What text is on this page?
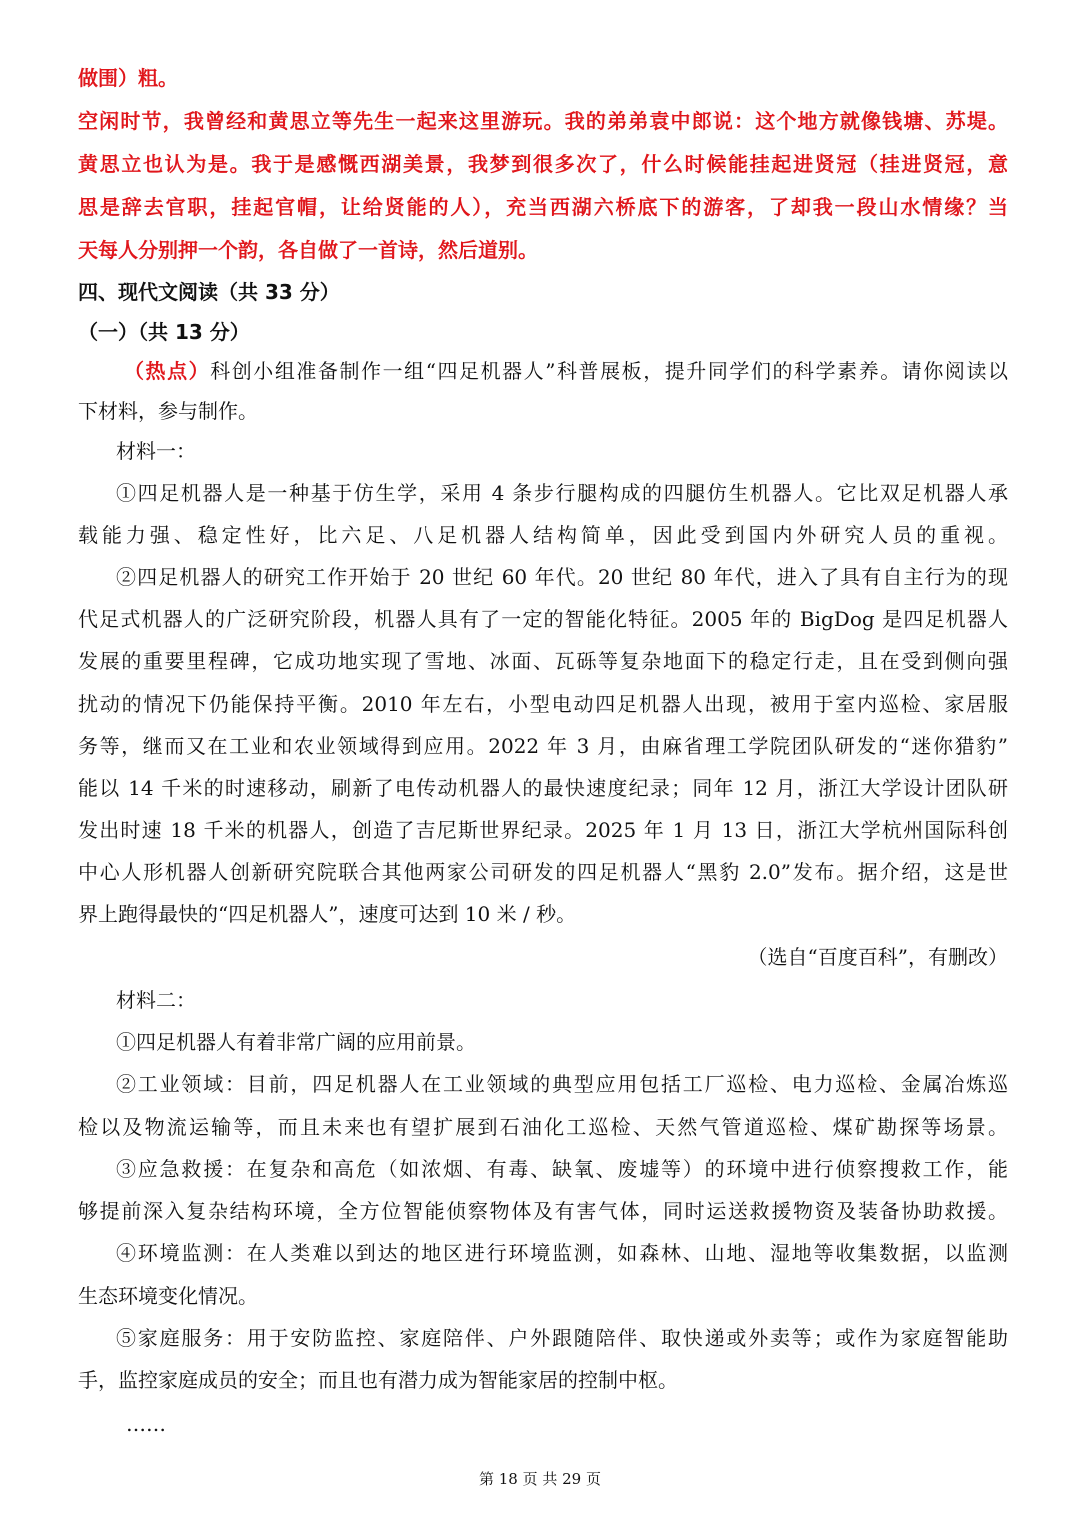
做围）粗。
空闲时节，我曾经和黄思立等先生一起来这里游玩。我的弟弟袁中郎说：这个地方就像钱塘、苏堤。
黄思立也认为是。我于是感慨西湖美景，我梦到很多次了，什么时候能挂起进贤冠（挂进贤冠，意
思是辞去官职，挂起官帽，让给贤能的人），充当西湖六桥底下的游客，了却我一段山水情缘？当
天每人分别押一个韵，各自做了一首诗，然后道别。
四、现代文阅读（共 33 分）
（一）（共 13 分）
（热点）科创小组准备制作一组“四足机器人”科普展板，提升同学们的科学素养。请你阅读以
下材料，参与制作。
材料一：
①四足机器人是一种基于仿生学，采用 4 条步行腿构成的四腿仿生机器人。它比双足机器人承
载能力强、稳定性好，比六足、八足机器人结构简单，因此受到国内外研究人员的重视。
②四足机器人的研究工作开始于 20 世纪 60 年代。20 世纪 80 年代，进入了具有自主行为的现
代足式机器人的广泛研究阶段，机器人具有了一定的智能化特征。2005 年的 BigDog 是四足机器人
发展的重要里程碑，它成功地实现了雪地、冰面、瓦砾等复杂地面下的稳定行走，且在受到侧向强
扰动的情况下仍能保持平衡。2010 年左右，小型电动四足机器人出现，被用于室内巡检、家居服
务等，继而又在工业和农业领域得到应用。2022 年 3 月，由麻省理工学院团队研发的“迷你猎豹”
能以 14 千米的时速移动，刷新了电传动机器人的最快速度纪录；同年 12 月，浙江大学设计团队研
发出时速 18 千米的机器人，创造了吉尼斯世界纪录。2025 年 1 月 13 日，浙江大学杭州国际科创
中心人形机器人创新研究院联合其他两家公司研发的四足机器人“黑豹 2.0”发布。据介绍，这是世
界上跑得最快的“四足机器人”，速度可达到 10 米 / 秒。
（选自“百度百科”，有删改）
材料二：
①四足机器人有着非常广阔的应用前景。
②工业领域：目前，四足机器人在工业领域的典型应用包括工厂巡检、电力巡检、金属冶炼巡
检以及物流运输等，而且未来也有望扩展到石油化工巡检、天然气管道巡检、煤矿勘探等场景。
③应急救援：在复杂和高危（如浓烟、有毒、缺氧、废墟等）的环境中进行侦察搜救工作，能
够提前深入复杂结构环境，全方位智能侦察物体及有害气体，同时运送救援物资及装备协助救援。
④环境监测：在人类难以到达的地区进行环境监测，如森林、山地、湿地等收集数据，以监测
生态环境变化情况。
⑤家庭服务：用于安防监控、家庭陪伴、户外跟随陪伴、取快递或外卖等；或作为家庭智能助
手，监控家庭成员的安全；而且也有潜力成为智能家居的控制中枢。
……
第 18 页 共 29 页
